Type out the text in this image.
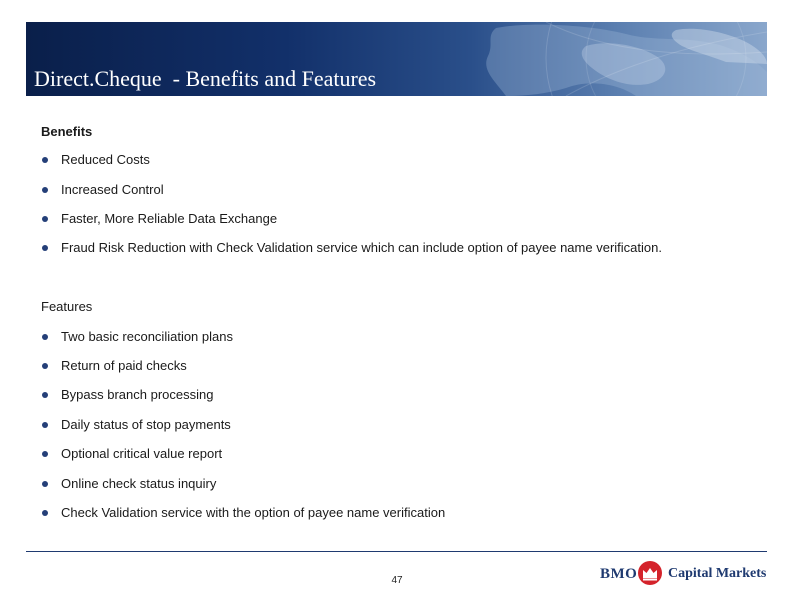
Direct.Cheque  - Benefits and Features
Benefits
Reduced Costs
Increased Control
Faster, More Reliable Data Exchange
Fraud Risk Reduction with Check Validation service which can include option of payee name verification.
Features
Two basic reconciliation plans
Return of paid checks
Bypass branch processing
Daily status of stop payments
Optional critical value report
Online check status inquiry
Check Validation service with the option of payee name verification
47	BMO Capital Markets
